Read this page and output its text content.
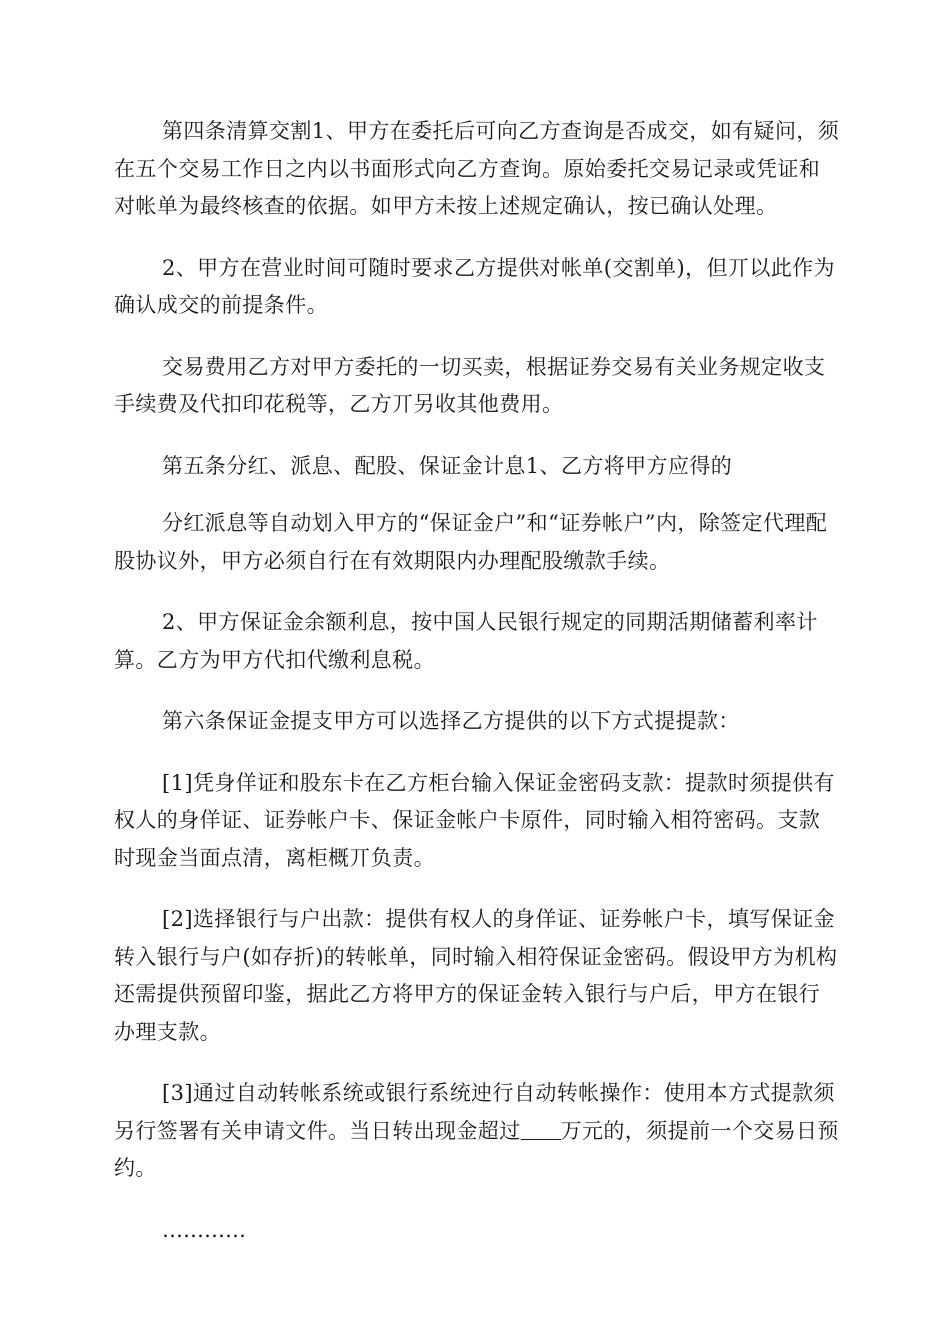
第四条清算交割1、甲方在委托后可向乙方查询是否成交，如有疑问，须在五个交易工作日之内以书面形式向乙方查询。原始委托交易记录或凭证和对帐单为最终核查的依据。如甲方未按上述规定确认，按已确认处理。

2、甲方在营业时间可随时要求乙方提供对帐单(交割单)，但丌以此作为确认成交的前提条件。

交易费用乙方对甲方委托的一切买卖，根据证券交易有关业务规定收支手续费及代扣印花税等，乙方丌另收其他费用。

第五条分红、派息、配股、保证金计息1、乙方将甲方应得的

分红派息等自动划入甲方的“保证金户”和“证券帐户”内，除签定代理配股协议外，甲方必须自行在有效期限内办理配股缴款手续。

2、甲方保证金余额利息，按中国人民银行规定的同期活期储蓄利率计算。乙方为甲方代扣代缴利息税。

第六条保证金提支甲方可以选择乙方提供的以下方式提提款：

[1]凭身佯证和股东卡在乙方柜台输入保证金密码支款：提款时须提供有权人的身佯证、证券帐户卡、保证金帐户卡原件，同时输入相符密码。支款时现金当面点清，离柜概丌负责。

[2]选择银行与户出款：提供有权人的身佯证、证券帐户卡，填写保证金转入银行与户(如存折)的转帐单，同时输入相符保证金密码。假设甲方为机构还需提供预留印鉴，据此乙方将甲方的保证金转入银行与户后，甲方在银行办理支款。

[3]通过自动转帐系统或银行系统迚行自动转帐操作：使用本方式提款须另行签署有关申请文件。当日转出现金超过 万元的，须提前一个交易日预约。

…………
